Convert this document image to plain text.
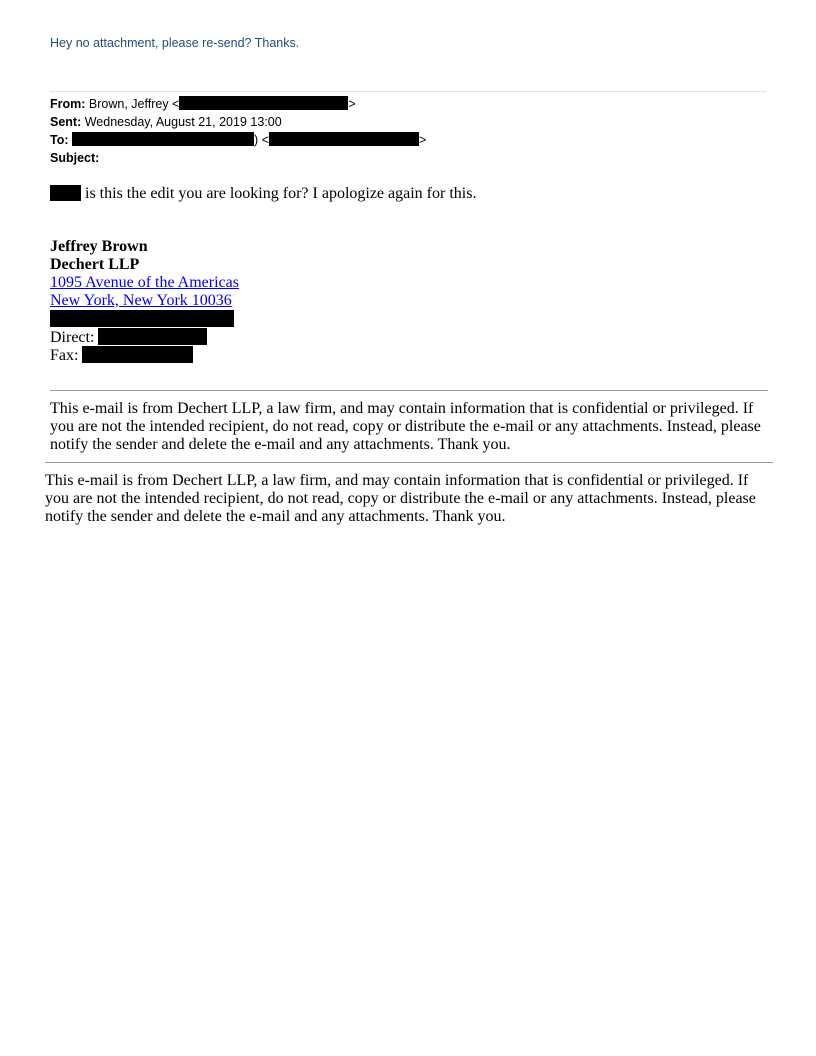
Hey no attachment, please re-send? Thanks.
From: Brown, Jeffrey <	>
Sent: Wednesday, August 21, 2019 13:00
To:	) <	>
Subject:
is this the edit you are looking for? I apologize again for this.
Jeffrey Brown
Dechert LLP
1095 Avenue of the Americas
New York, New York 10036
Direct:
Fax:
This e-mail is from Dechert LLP, a law firm, and may contain information that is confidential or privileged. If you are not the intended recipient, do not read, copy or distribute the e-mail or any attachments. Instead, please notify the sender and delete the e-mail and any attachments. Thank you.
This e-mail is from Dechert LLP, a law firm, and may contain information that is confidential or privileged. If you are not the intended recipient, do not read, copy or distribute the e-mail or any attachments. Instead, please notify the sender and delete the e-mail and any attachments. Thank you.
